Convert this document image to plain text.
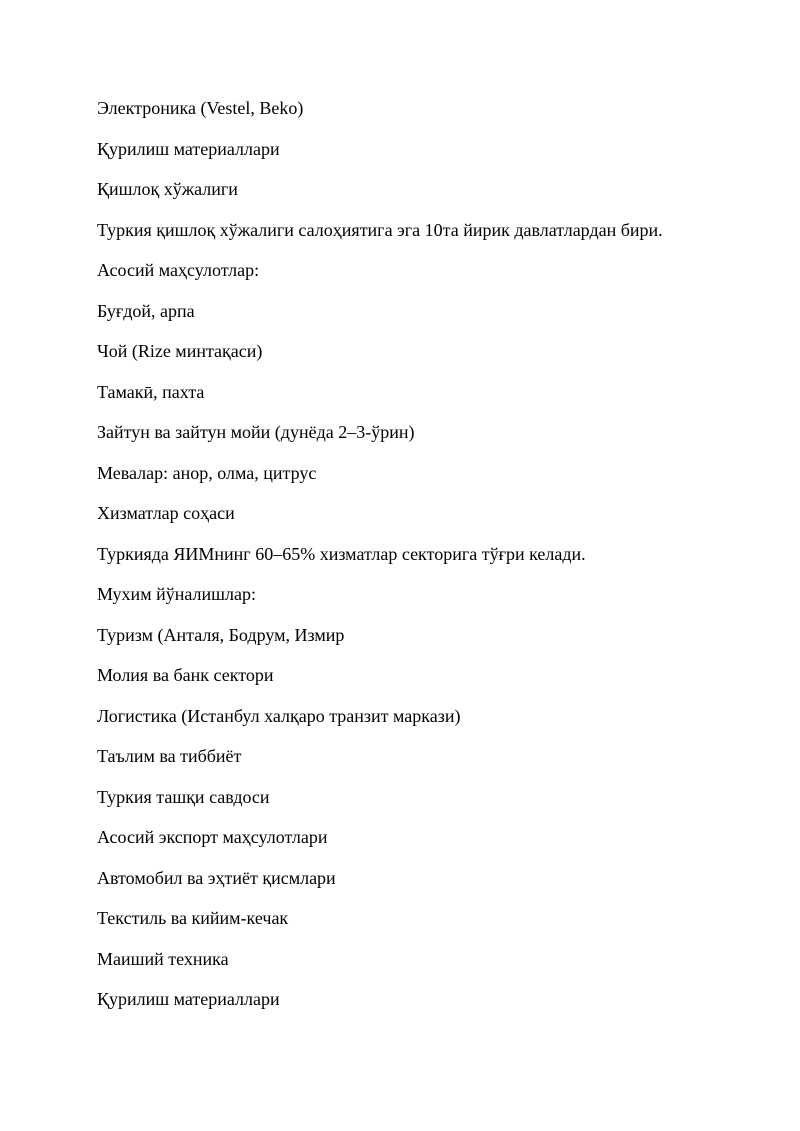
Электроника (Vestel, Beko)
Қурилиш материаллари
Қишлоқ хўжалиги
Туркия қишлоқ хўжалиги салоҳиятига эга 10та йирик давлатлардан бири.
Асосий маҳсулотлар:
Буғдой, арпа
Чой (Rize минтақаси)
Тамакӣ, пахта
Зайтун ва зайтун мойи (дунёда 2–3-ўрин)
Мевалар: анор, олма, цитрус
Хизматлар соҳаси
Туркияда ЯИМнинг 60–65% хизматлар секторига тўғри келади.
Мухим йўналишлар:
Туризм (Анталя, Бодрум, Измир
Молия ва банк сектори
Логистика (Истанбул халқаро транзит маркази)
Таълим ва тиббиёт
Туркия ташқи савдоси
Асосий экспорт маҳсулотлари
Автомобил ва эҳтиёт қисмлари
Текстиль ва кийим-кечак
Маиший техника
Қурилиш материаллари
